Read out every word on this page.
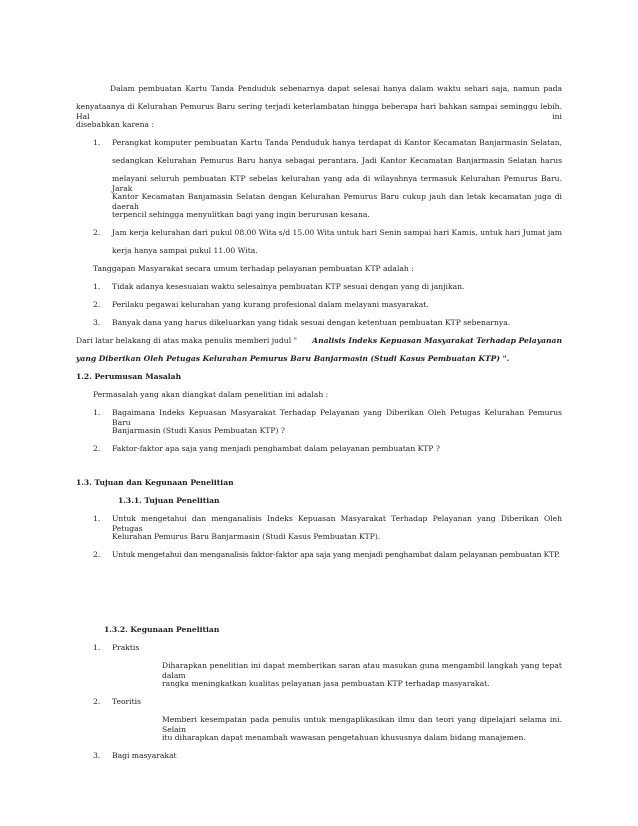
Dalam pembuatan Kartu Tanda Penduduk sebenarnya dapat selesai hanya dalam waktu sehari saja, namun pada
kenyataanya di Kelurahan Pemurus Baru sering terjadi keterlambatan hingga beberapa hari bahkan sampai seminggu lebih. Hal ini
disebabkan karena :
1. Perangkat komputer pembuatan Kartu Tanda Penduduk hanya terdapat di Kantor Kecamatan Banjarmasin Selatan,
sedangkan Kelurahan Pemurus Baru hanya sebagai perantara. Jadi Kantor Kecamatan Banjarmasin Selatan harus
melayani seluruh pembuatan KTP sebelas kelurahan yang ada di wilayahnya termasuk Kelurahan Pemurus Baru. Jarak
Kantor Kecamatan Banjamasin Selatan dengan Kelurahan Pemurus Baru cukup jauh dan letak kecamatan juga di daerah
terpencil sehingga menyulitkan bagi yang ingin berurusan kesana.
2. Jam kerja kelurahan dari pukul 08.00 Wita s/d 15.00 Wita untuk hari Senin sampai hari Kamis, untuk hari Jumat jam
kerja hanya sampai pukul 11.00 Wita.
Tanggapan Masyarakat secara umum terhadap pelayanan pembuatan KTP adalah :
1. Tidak adanya kesesuaian waktu selesainya pembuatan KTP sesuai dengan yang di janjikan.
2. Perilaku pegawai kelurahan yang kurang profesional dalam melayani masyarakat.
3. Banyak dana yang harus dikeluarkan yang tidak sesuai dengan ketentuan pembuatan KTP sebenarnya.
Dari latar belakang di atas maka penulis memberi judul " Analisis Indeks Kepuasan Masyarakat Terhadap Pelayanan
yang Diberikan Oleh Petugas Kelurahan Pemurus Baru Banjarmasin (Studi Kasus Pembuatan KTP) ".
1.2. Perumusan Masalah
Permasalah yang akan diangkat dalam penelitian ini adalah :
1. Bagaimana Indeks Kepuasan Masyarakat Terhadap Pelayanan yang Diberikan Oleh Petugas Kelurahan Pemurus Baru
Banjarmasin (Studi Kasus Pembuatan KTP) ?
2. Faktor-faktor apa saja yang menjadi penghambat dalam pelayanan pembuatan KTP ?
1.3. Tujuan dan Kegunaan Penelitian
1.3.1. Tujuan Penelitian
1. Untuk mengetahui dan menganalisis Indeks Kepuasan Masyarakat Terhadap Pelayanan yang Diberikan Oleh Petugas
Kelurahan Pemurus Baru Banjarmasin (Studi Kasus Pembuatan KTP).
2. Untuk mengetahui dan menganalisis faktor-faktor apa saja yang menjadi penghambat dalam pelayanan pembuatan KTP.
1.3.2. Kegunaan Penelitian
1. Praktis
Diharapkan penelitian ini dapat memberikan saran atau masukan guna mengambil langkah yang tepat dalam
rangka meningkatkan kualitas pelayanan jasa pembuatan KTP terhadap masyarakat.
2. Teoritis
Memberi kesempatan pada penulis untuk mengaplikasikan ilmu dan teori yang dipelajari selama ini. Selain
itu diharapkan dapat menambah wawasan pengetahuan khususnya dalam bidang manajemen.
3. Bagi masyarakat
